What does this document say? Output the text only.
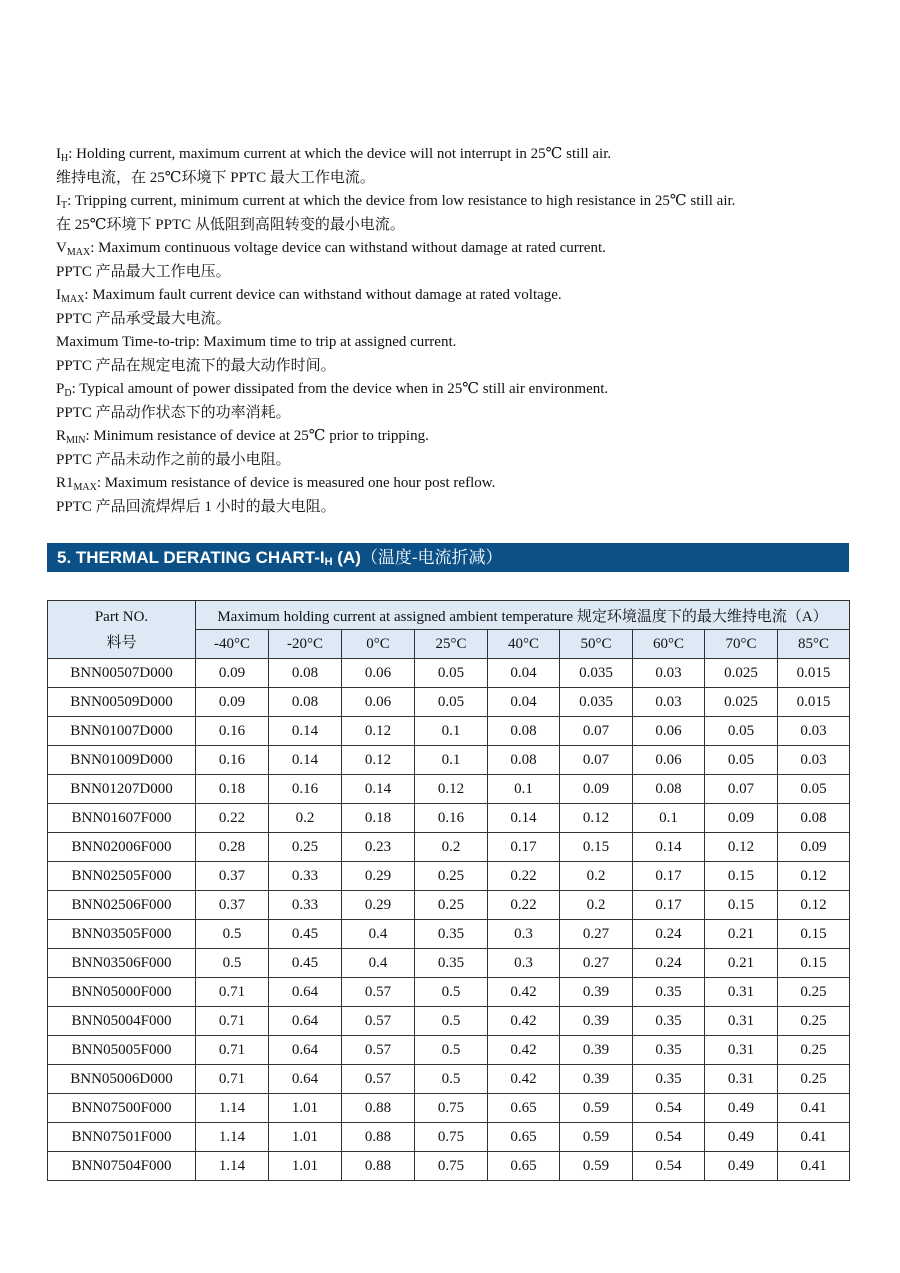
$I_H$: Holding current, maximum current at which the device will not interrupt in 25℃ still air.
维持电流，在 25℃环境下 PPTC 最大工作电流。
$I_T$: Tripping current, minimum current at which the device from low resistance to high resistance in 25℃ still air.
在 25℃环境下 PPTC 从低阻到高阻转变的最小电流。
$V_{MAX}$: Maximum continuous voltage device can withstand without damage at rated current.
PPTC 产品最大工作电压。
$I_{MAX}$: Maximum fault current device can withstand without damage at rated voltage.
PPTC 产品承受最大电流。
Maximum Time-to-trip: Maximum time to trip at assigned current.
PPTC 产品在规定电流下的最大动作时间。
$P_D$: Typical amount of power dissipated from the device when in 25℃ still air environment.
PPTC 产品动作状态下的功率消耗。
$R_{MIN}$: Minimum resistance of device at 25℃ prior to tripping.
PPTC 产品未动作之前的最小电阻。
$R1_{MAX}$: Maximum resistance of device is measured one hour post reflow.
PPTC 产品回流焊焊后 1 小时的最大电阻。
5. THERMAL DERATING CHART-$I_H$ (A)（温度-电流折减）
Part NO.
料号	Maximum holding current at assigned ambient temperature 规定环境温度下的最大维持电流（A）								
	-40°C	-20°C	0°C	25°C	40°C	50°C	60°C	70°C	85°C
BNN00507D000	0.09	0.08	0.06	0.05	0.04	0.035	0.03	0.025	0.015
BNN00509D000	0.09	0.08	0.06	0.05	0.04	0.035	0.03	0.025	0.015
BNN01007D000	0.16	0.14	0.12	0.1	0.08	0.07	0.06	0.05	0.03
BNN01009D000	0.16	0.14	0.12	0.1	0.08	0.07	0.06	0.05	0.03
BNN01207D000	0.18	0.16	0.14	0.12	0.1	0.09	0.08	0.07	0.05
BNN01607F000	0.22	0.2	0.18	0.16	0.14	0.12	0.1	0.09	0.08
BNN02006F000	0.28	0.25	0.23	0.2	0.17	0.15	0.14	0.12	0.09
BNN02505F000	0.37	0.33	0.29	0.25	0.22	0.2	0.17	0.15	0.12
BNN02506F000	0.37	0.33	0.29	0.25	0.22	0.2	0.17	0.15	0.12
BNN03505F000	0.5	0.45	0.4	0.35	0.3	0.27	0.24	0.21	0.15
BNN03506F000	0.5	0.45	0.4	0.35	0.3	0.27	0.24	0.21	0.15
BNN05000F000	0.71	0.64	0.57	0.5	0.42	0.39	0.35	0.31	0.25
BNN05004F000	0.71	0.64	0.57	0.5	0.42	0.39	0.35	0.31	0.25
BNN05005F000	0.71	0.64	0.57	0.5	0.42	0.39	0.35	0.31	0.25
BNN05006D000	0.71	0.64	0.57	0.5	0.42	0.39	0.35	0.31	0.25
BNN07500F000	1.14	1.01	0.88	0.75	0.65	0.59	0.54	0.49	0.41
BNN07501F000	1.14	1.01	0.88	0.75	0.65	0.59	0.54	0.49	0.41
BNN07504F000	1.14	1.01	0.88	0.75	0.65	0.59	0.54	0.49	0.41
